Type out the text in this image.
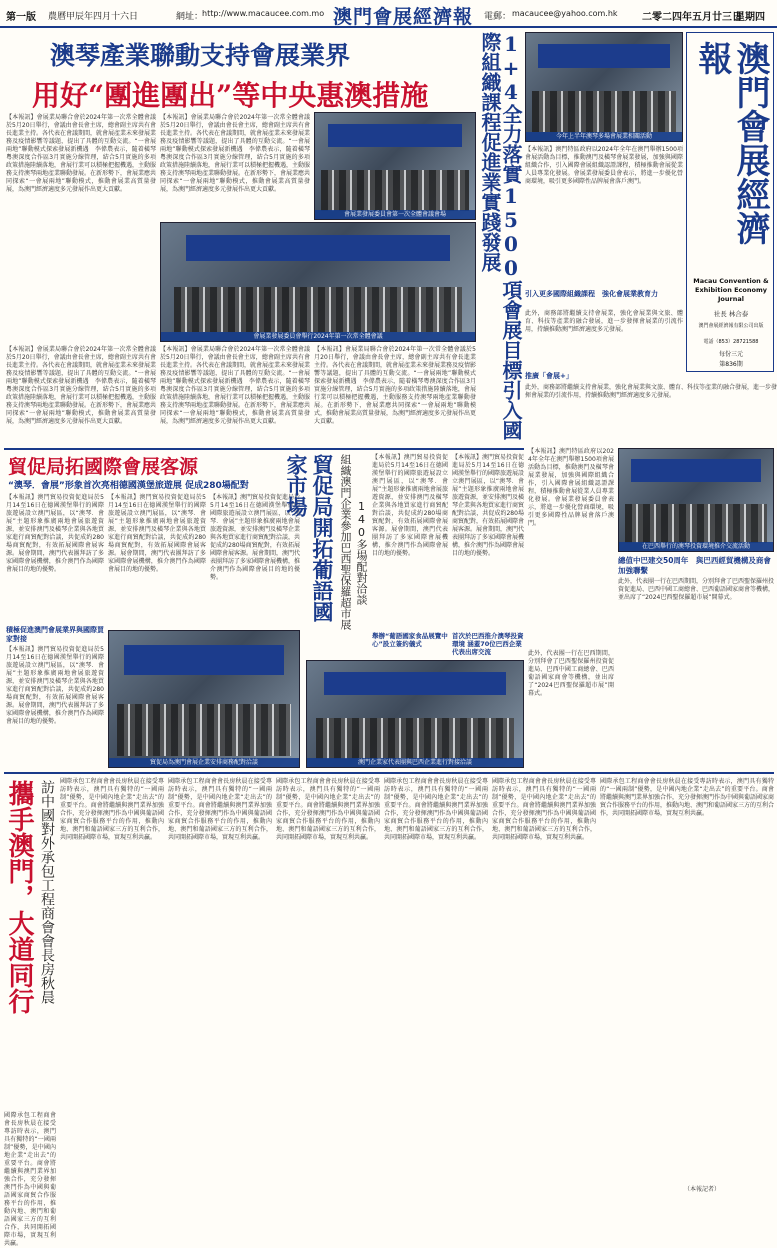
第一版 農曆甲辰年四月十六日	網址：
http://www.macaucee.com.mo 澳門會展經濟報 電郵： macaucee@yahoo.com.hk 二零二四年五月廿三日
星期四
澳琴產業聯動支持會展業界
用好“團進團出”等中央惠澳措施	1+4全力落實1500項會展目標引入國際組織課程促進業實踐發展
【本報訊】會展業局聯合會於2024年第一次常全體會議於5月20日舉行，會議由會長會主席，總會副主席共有會長進業主持。各代表在會議期間，就會展產業未來發展業務及疫情影響等議題，提出了具體的互動交流。“一會展兩地”聯動模式探索發展新機遇　李偉農表示，隨着橫琴粵澳深度合作區3月實施分線管理，結合5月實施的多項政策措施陸續落地，會展行業可以積極把握機遇，主動服務支持澳琴兩地產業聯動發展。在新形勢下，會展業應共同探索“一會展兩地”聯動模式，推動會展業高質量發展，為澳門經濟適度多元發展作出更大貢獻。
【本報訊】會展業局聯合會於2024年第一次常全體會議於5月20日舉行，會議由會長會主席，總會副主席共有會長進業主持。各代表在會議期間，就會展產業未來發展業務及疫情影響等議題，提出了具體的互動交流。“一會展兩地”聯動模式探索發展新機遇　李偉農表示，隨着橫琴粵澳深度合作區3月實施分線管理，結合5月實施的多項政策措施陸續落地，會展行業可以積極把握機遇，主動服務支持澳琴兩地產業聯動發展。在新形勢下，會展業應共同探索“一會展兩地”聯動模式，推動會展業高質量發展，為澳門經濟適度多元發展作出更大貢獻。
會展業發展委員會第一次全體會議會場
會展業發展委員會舉行2024年第一次常全體會議
【本報訊】會展業局聯合會於2024年第一次常全體會議於5月20日舉行，會議由會長會主席，總會副主席共有會長進業主持。各代表在會議期間，就會展產業未來發展業務及疫情影響等議題，提出了具體的互動交流。“一會展兩地”聯動模式探索發展新機遇　李偉農表示，隨着橫琴粵澳深度合作區3月實施分線管理，結合5月實施的多項政策措施陸續落地，會展行業可以積極把握機遇，主動服務支持澳琴兩地產業聯動發展。在新形勢下，會展業應共同探索“一會展兩地”聯動模式，推動會展業高質量發展，為澳門經濟適度多元發展作出更大貢獻。
【本報訊】會展業局聯合會於2024年第一次常全體會議於5月20日舉行，會議由會長會主席，總會副主席共有會長進業主持。各代表在會議期間，就會展產業未來發展業務及疫情影響等議題，提出了具體的互動交流。“一會展兩地”聯動模式探索發展新機遇　李偉農表示，隨着橫琴粵澳深度合作區3月實施分線管理，結合5月實施的多項政策措施陸續落地，會展行業可以積極把握機遇，主動服務支持澳琴兩地產業聯動發展。在新形勢下，會展業應共同探索“一會展兩地”聯動模式，推動會展業高質量發展，為澳門經濟適度多元發展作出更大貢獻。
【本報訊】會展業局聯合會於2024年第一次常全體會議於5月20日舉行，會議由會長會主席，總會副主席共有會長進業主持。各代表在會議期間，就會展產業未來發展業務及疫情影響等議題，提出了具體的互動交流。“一會展兩地”聯動模式探索發展新機遇　李偉農表示，隨着橫琴粵澳深度合作區3月實施分線管理，結合5月實施的多項政策措施陸續落地，會展行業可以積極把握機遇，主動服務支持澳琴兩地產業聯動發展。在新形勢下，會展業應共同探索“一會展兩地”聯動模式，推動會展業高質量發展，為澳門經濟適度多元發展作出更大貢獻。
今年上半年澳琴多場會展業相關活動
【本報訊】澳門特區政府以2024年全年在澳門舉辦1500項會展活動為目標，推動澳門及橫琴會展業發展，加強與國際組織合作，引入國際會展組織認證課程，積極推動會展從業人員專業化發展。會展業發展委員會表示，將進一步優化營商環境，吸引更多國際性品牌展會落戶澳門。
引入更多國際組織課程　強化會展業教育力
此外，商務部將繼續支持會展業，強化會展業與文旅、體育、科技等產業的融合發展，進一步發揮會展業的引流作用，持續推動澳門經濟適度多元發展。
推廣「會展+」
此外，商務部將繼續支持會展業，強化會展業與文旅、體育、科技等產業的融合發展，進一步發揮會展業的引流作用，持續推動澳門經濟適度多元發展。
澳門會展經濟報
Macau Convention &
Exhibition Economy
Journal
社長 林合泰
澳門會展經濟報有限公司出版
電話（853）28721588
每份三元
第836期
貿促局拓國際會展客源
“澳琴．會展”形象首次亮相德國漢堡旅遊展 促成280場配對
【本報訊】澳門貿易投資促進局於5月14至16日在德國漢堡舉行的國際旅遊展設立澳門展區，以“澳琴．會展”主題形象推廣兩地會展旅遊資源，並安排澳門及橫琴企業與各地買家進行商貿配對洽談，共促成約280場商貿配對，有效拓展國際會展客源。展會期間，澳門代表團拜訪了多家國際會展機構，推介澳門作為國際會展目的地的優勢。
【本報訊】澳門貿易投資促進局於5月14至16日在德國漢堡舉行的國際旅遊展設立澳門展區，以“澳琴．會展”主題形象推廣兩地會展旅遊資源，並安排澳門及橫琴企業與各地買家進行商貿配對洽談，共促成約280場商貿配對，有效拓展國際會展客源。展會期間，澳門代表團拜訪了多家國際會展機構，推介澳門作為國際會展目的地的優勢。
【本報訊】澳門貿易投資促進局於5月14至16日在德國漢堡舉行的國際旅遊展設立澳門展區，以“澳琴．會展”主題形象推廣兩地會展旅遊資源，並安排澳門及橫琴企業與各地買家進行商貿配對洽談，共促成約280場商貿配對，有效拓展國際會展客源。展會期間，澳門代表團拜訪了多家國際會展機構，推介澳門作為國際會展目的地的優勢。
積極促進澳門會展業界與國際買家對接
貿促局為澳門會展企業安排商務配對洽談
【本報訊】澳門貿易投資促進局於5月14至16日在德國漢堡舉行的國際旅遊展設立澳門展區，以“澳琴．會展”主題形象推廣兩地會展旅遊資源，並安排澳門及橫琴企業與各地買家進行商貿配對洽談，共促成約280場商貿配對，有效拓展國際會展客源。展會期間，澳門代表團拜訪了多家國際會展機構，推介澳門作為國際會展目的地的優勢。
貿促局開拓葡語國家市場	組織澳門企業參加巴西聖保羅超市展 140多場配對洽談
【本報訊】澳門貿易投資促進局於5月14至16日在德國漢堡舉行的國際旅遊展設立澳門展區，以“澳琴．會展”主題形象推廣兩地會展旅遊資源，並安排澳門及橫琴企業與各地買家進行商貿配對洽談，共促成約280場商貿配對，有效拓展國際會展客源。展會期間，澳門代表團拜訪了多家國際會展機構，推介澳門作為國際會展目的地的優勢。
【本報訊】澳門貿易投資促進局於5月14至16日在德國漢堡舉行的國際旅遊展設立澳門展區，以“澳琴．會展”主題形象推廣兩地會展旅遊資源，並安排澳門及橫琴企業與各地買家進行商貿配對洽談，共促成約280場商貿配對，有效拓展國際會展客源。展會期間，澳門代表團拜訪了多家國際會展機構，推介澳門作為國際會展目的地的優勢。
舉辦“葡語國家食品展覽中心”設立簽約儀式
首次於巴西推介澳琴投資環境 涵蓋70位巴西企業代表出席交流
澳門企業家代表團與巴西企業進行對接洽談
在巴西舉行的澳琴投資環境推介交流活動
【本報訊】澳門特區政府以2024年全年在澳門舉辦1500項會展活動為目標，推動澳門及橫琴會展業發展，加強與國際組織合作，引入國際會展組織認證課程，積極推動會展從業人員專業化發展。會展業發展委員會表示，將進一步優化營商環境，吸引更多國際性品牌展會落戶澳門。
總值中巴建交50周年　與巴西經貿機構及商會加強聯繫
此外，代表團一行在巴西期間，分別拜會了巴西聖保羅州投資促進局、巴西中國工商總會、巴西葡語國家商會等機構，並出席了“2024巴西聖保羅超市展”開幕式。
此外，代表團一行在巴西期間，分別拜會了巴西聖保羅州投資促進局、巴西中國工商總會、巴西葡語國家商會等機構，並出席了“2024巴西聖保羅超市展”開幕式。
攜手澳門，大道同行 訪中國對外承包工程商會會長房秋晨 國際承包工程商會會長房秋晨在接受專訪時表示，澳門具有獨特的“一國兩制”優勢，是中國內地企業“走出去”的重要平台。商會將繼續與澳門業界加強合作，充分發揮澳門作為中國與葡語國家商貿合作服務平台的作用，推動內地、澳門和葡語國家三方的互利合作，共同開拓國際市場，實現互利共贏。
國際承包工程商會會長房秋晨在接受專訪時表示，澳門具有獨特的“一國兩制”優勢，是中國內地企業“走出去”的重要平台。商會將繼續與澳門業界加強合作，充分發揮澳門作為中國與葡語國家商貿合作服務平台的作用，推動內地、澳門和葡語國家三方的互利合作，共同開拓國際市場，實現互利共贏。
國際承包工程商會會長房秋晨在接受專訪時表示，澳門具有獨特的“一國兩制”優勢，是中國內地企業“走出去”的重要平台。商會將繼續與澳門業界加強合作，充分發揮澳門作為中國與葡語國家商貿合作服務平台的作用，推動內地、澳門和葡語國家三方的互利合作，共同開拓國際市場，實現互利共贏。
國際承包工程商會會長房秋晨在接受專訪時表示，澳門具有獨特的“一國兩制”優勢，是中國內地企業“走出去”的重要平台。商會將繼續與澳門業界加強合作，充分發揮澳門作為中國與葡語國家商貿合作服務平台的作用，推動內地、澳門和葡語國家三方的互利合作，共同開拓國際市場，實現互利共贏。
國際承包工程商會會長房秋晨在接受專訪時表示，澳門具有獨特的“一國兩制”優勢，是中國內地企業“走出去”的重要平台。商會將繼續與澳門業界加強合作，充分發揮澳門作為中國與葡語國家商貿合作服務平台的作用，推動內地、澳門和葡語國家三方的互利合作，共同開拓國際市場，實現互利共贏。
國際承包工程商會會長房秋晨在接受專訪時表示，澳門具有獨特的“一國兩制”優勢，是中國內地企業“走出去”的重要平台。商會將繼續與澳門業界加強合作，充分發揮澳門作為中國與葡語國家商貿合作服務平台的作用，推動內地、澳門和葡語國家三方的互利合作，共同開拓國際市場，實現互利共贏。
國際承包工程商會會長房秋晨在接受專訪時表示，澳門具有獨特的“一國兩制”優勢，是中國內地企業“走出去”的重要平台。商會將繼續與澳門業界加強合作，充分發揮澳門作為中國與葡語國家商貿合作服務平台的作用，推動內地、澳門和葡語國家三方的互利合作，共同開拓國際市場，實現互利共贏。
（本報記者）
